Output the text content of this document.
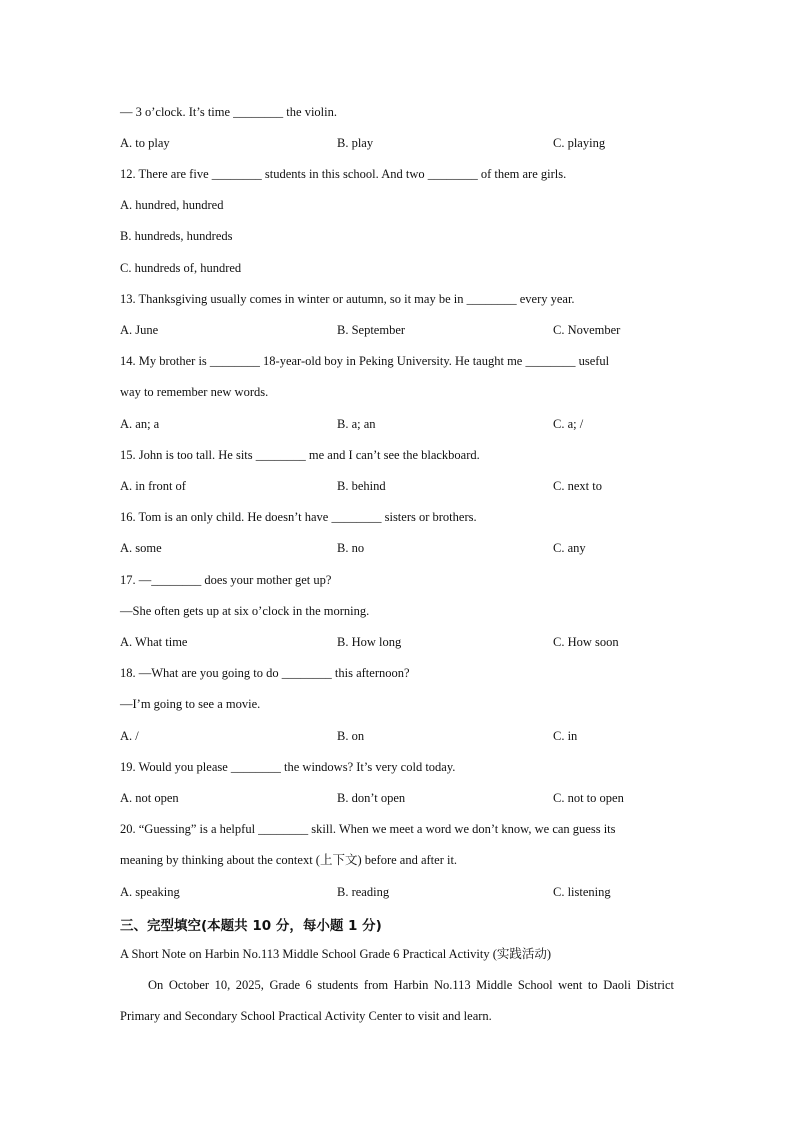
— 3 o’clock. It’s time ________ the violin.
A. to play	B. play	C. playing
12. There are five ________ students in this school. And two ________ of them are girls.
A. hundred, hundred
B. hundreds, hundreds
C. hundreds of, hundred
13. Thanksgiving usually comes in winter or autumn, so it may be in ________ every year.
A. June	B. September	C. November
14. My brother is ________ 18-year-old boy in Peking University. He taught me ________ useful
way to remember new words.
A. an; a	B. a; an	C. a; /
15. John is too tall. He sits ________ me and I can’t see the blackboard.
A. in front of	B. behind	C. next to
16. Tom is an only child. He doesn’t have ________ sisters or brothers.
A. some	B. no	C. any
17. —________ does your mother get up?
—She often gets up at six o’clock in the morning.
A. What time	B. How long	C. How soon
18. —What are you going to do ________ this afternoon?
—I’m going to see a movie.
A. /	B. on	C. in
19. Would you please ________ the windows? It’s very cold today.
A. not open	B. don’t open	C. not to open
20. “Guessing” is a helpful ________ skill. When we meet a word we don’t know, we can guess its
meaning by thinking about the context (上下文) before and after it.
A. speaking	B. reading	C. listening
三、完型填空(本题共 10 分，每小题 1 分)
A Short Note on Harbin No.113 Middle School Grade 6 Practical Activity (实践活动)
On October 10, 2025, Grade 6 students from Harbin No.113 Middle School went to Daoli District Primary and Secondary School Practical Activity Center to visit and learn.
